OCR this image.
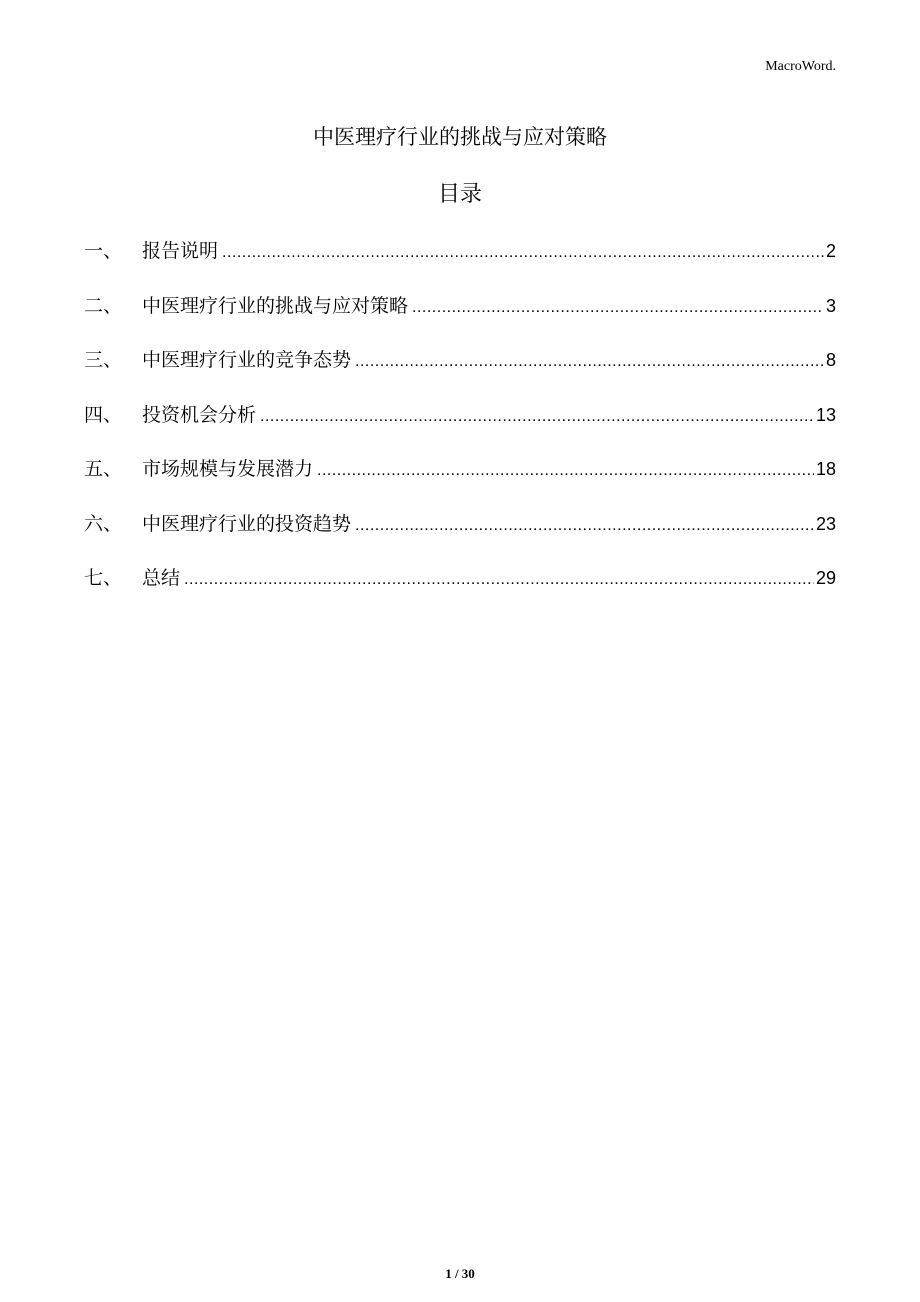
MacroWord.
中医理疗行业的挑战与应对策略
目录
一、	报告说明 .....	2
二、	中医理疗行业的挑战与应对策略 .....	3
三、	中医理疗行业的竞争态势 .....	8
四、	投资机会分析 .....	13
五、	市场规模与发展潜力 .....	18
六、	中医理疗行业的投资趋势 .....	23
七、	总结 .....	29
1 / 30
